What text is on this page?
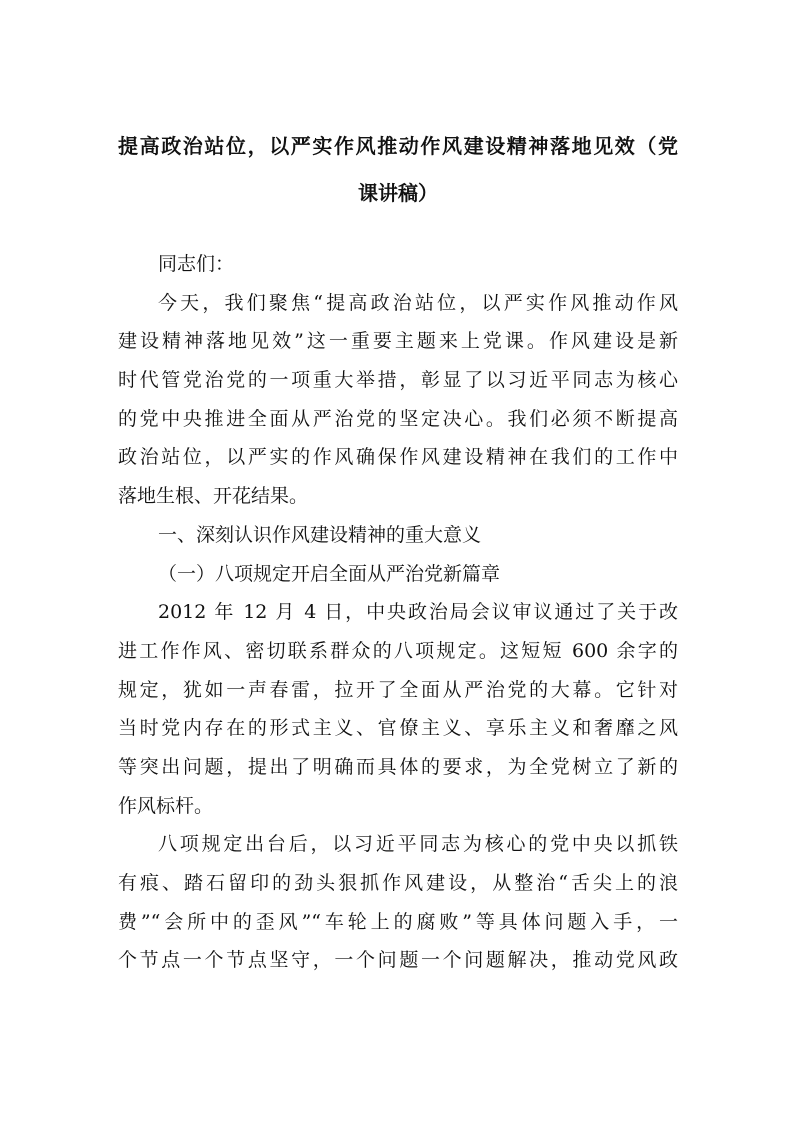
提高政治站位，以严实作风推动作风建设精神落地见效（党
课讲稿）
同志们：
今天，我们聚焦“提高政治站位，以严实作风推动作风
建设精神落地见效”这一重要主题来上党课。作风建设是新
时代管党治党的一项重大举措，彰显了以习近平同志为核心
的党中央推进全面从严治党的坚定决心。我们必须不断提高
政治站位，以严实的作风确保作风建设精神在我们的工作中
落地生根、开花结果。
一、深刻认识作风建设精神的重大意义
（一）八项规定开启全面从严治党新篇章
2012 年 12 月 4 日，中央政治局会议审议通过了关于改
进工作作风、密切联系群众的八项规定。这短短 600 余字的
规定，犹如一声春雷，拉开了全面从严治党的大幕。它针对
当时党内存在的形式主义、官僚主义、享乐主义和奢靡之风
等突出问题，提出了明确而具体的要求，为全党树立了新的
作风标杆。
八项规定出台后，以习近平同志为核心的党中央以抓铁
有痕、踏石留印的劲头狠抓作风建设，从整治“舌尖上的浪
费”“会所中的歪风”“车轮上的腐败”等具体问题入手，一
个节点一个节点坚守，一个问题一个问题解决，推动党风政
